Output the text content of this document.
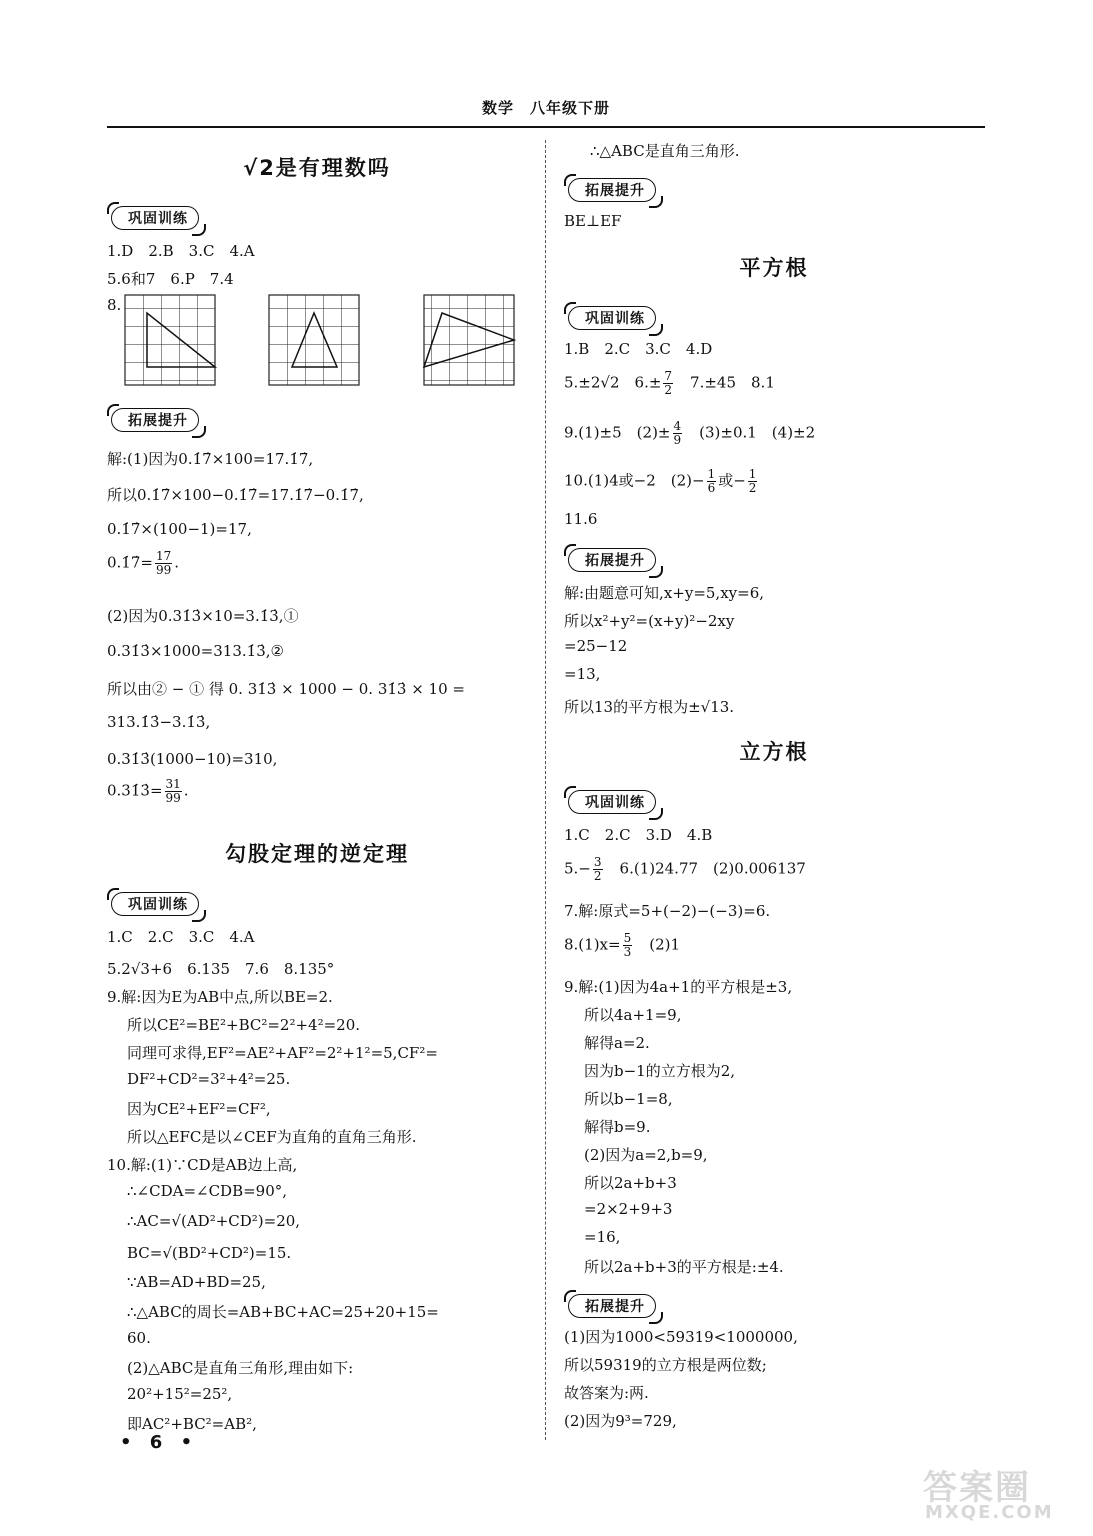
数学　八年级下册
√2是有理数吗
巩固训练
1.D　2.B　3.C　4.A
5.6和7　6.P　7.4
8.
拓展提升
解:(1)因为0.1̇7̇×100=17.1̇7̇,
所以0.1̇7̇×100−0.1̇7̇=17.1̇7̇−0.1̇7̇,
0.1̇7̇×(100−1)=17,
0.1̇7̇= $\frac{17}{99}$ .
(2)因为0.31̇3̇×10=3.1̇3̇,①
0.31̇3̇×1000=313.1̇3̇,②
所以由② − ① 得 0. 31̇3̇ × 1000 − 0. 31̇3̇ × 10 =
313.1̇3̇−3.1̇3̇,
0.31̇3̇(1000−10)=310,
0.31̇3̇= $\frac{31}{99}$ .
勾股定理的逆定理
巩固训练
1.C　2.C　3.C　4.A
5.2√3+6　6.135　7.6　8.135°
9.解:因为E为AB中点,所以BE=2.
所以CE²=BE²+BC²=2²+4²=20.
同理可求得,EF²=AE²+AF²=2²+1²=5,CF²=
DF²+CD²=3²+4²=25.
因为CE²+EF²=CF²,
所以△EFC是以∠CEF为直角的直角三角形.
10.解:(1)∵CD是AB边上高,
∴∠CDA=∠CDB=90°,
∴AC=√(AD²+CD²)=20,
BC=√(BD²+CD²)=15.
∵AB=AD+BD=25,
∴△ABC的周长=AB+BC+AC=25+20+15=
60.
(2)△ABC是直角三角形,理由如下:
20²+15²=25²,
即AC²+BC²=AB²,
∴△ABC是直角三角形.
拓展提升
BE⊥EF
平方根
巩固训练
1.B　2.C　3.C　4.D
5.±2√2　$6.\pm \frac{7}{2}$ 　7.±45　8.1
9.(1)±5　$(2)\pm \frac{4}{9}$ 　(3)±0.1　(4)±2
10.(1)4或−2　$(2)- \frac{1}{6}$ 或− $\frac{1}{2}$
11.6
拓展提升
解:由题意可知,x+y=5,xy=6,
所以x²+y²=(x+y)²−2xy
=25−12
=13,
所以13的平方根为±√13.
立方根
巩固训练
1.C　2.C　3.D　4.B
$5.- \frac{3}{2}$ 　6.(1)24.77　(2)0.006137
7.解:原式=5+(−2)−(−3)=6.
$8.(1)x= \frac{5}{3}$ 　(2)1
9.解:(1)因为4a+1的平方根是±3,
所以4a+1=9,
解得a=2.
因为b−1的立方根为2,
所以b−1=8,
解得b=9.
(2)因为a=2,b=9,
所以2a+b+3
=2×2+9+3
=16,
所以2a+b+3的平方根是:±4.
拓展提升
(1)因为1000<59319<1000000,
所以59319的立方根是两位数;
故答案为:两.
(2)因为9³=729,
• 6 •
答案圈
MXQE.COM
